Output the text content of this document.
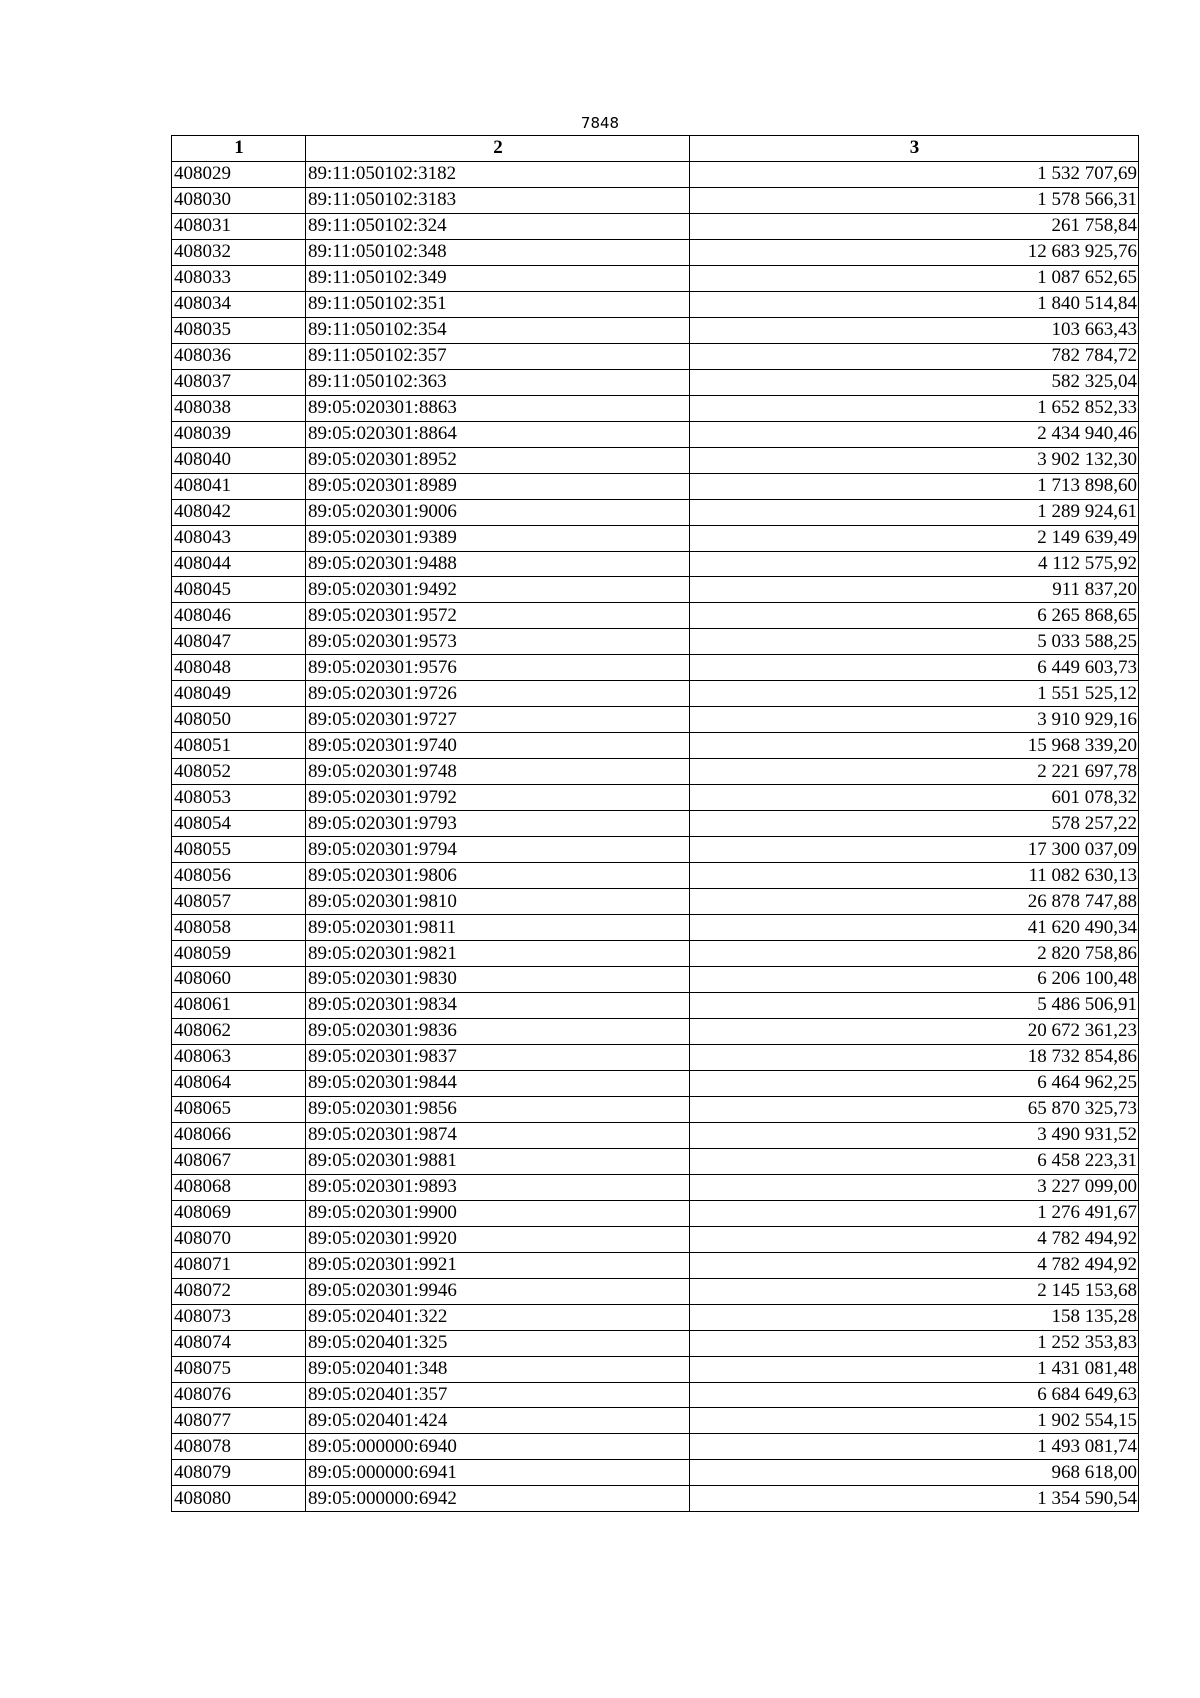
7848
1	2	3
408029	89:11:050102:3182	1 532 707,69
408030	89:11:050102:3183	1 578 566,31
408031	89:11:050102:324	261 758,84
408032	89:11:050102:348	12 683 925,76
408033	89:11:050102:349	1 087 652,65
408034	89:11:050102:351	1 840 514,84
408035	89:11:050102:354	103 663,43
408036	89:11:050102:357	782 784,72
408037	89:11:050102:363	582 325,04
408038	89:05:020301:8863	1 652 852,33
408039	89:05:020301:8864	2 434 940,46
408040	89:05:020301:8952	3 902 132,30
408041	89:05:020301:8989	1 713 898,60
408042	89:05:020301:9006	1 289 924,61
408043	89:05:020301:9389	2 149 639,49
408044	89:05:020301:9488	4 112 575,92
408045	89:05:020301:9492	911 837,20
408046	89:05:020301:9572	6 265 868,65
408047	89:05:020301:9573	5 033 588,25
408048	89:05:020301:9576	6 449 603,73
408049	89:05:020301:9726	1 551 525,12
408050	89:05:020301:9727	3 910 929,16
408051	89:05:020301:9740	15 968 339,20
408052	89:05:020301:9748	2 221 697,78
408053	89:05:020301:9792	601 078,32
408054	89:05:020301:9793	578 257,22
408055	89:05:020301:9794	17 300 037,09
408056	89:05:020301:9806	11 082 630,13
408057	89:05:020301:9810	26 878 747,88
408058	89:05:020301:9811	41 620 490,34
408059	89:05:020301:9821	2 820 758,86
408060	89:05:020301:9830	6 206 100,48
408061	89:05:020301:9834	5 486 506,91
408062	89:05:020301:9836	20 672 361,23
408063	89:05:020301:9837	18 732 854,86
408064	89:05:020301:9844	6 464 962,25
408065	89:05:020301:9856	65 870 325,73
408066	89:05:020301:9874	3 490 931,52
408067	89:05:020301:9881	6 458 223,31
408068	89:05:020301:9893	3 227 099,00
408069	89:05:020301:9900	1 276 491,67
408070	89:05:020301:9920	4 782 494,92
408071	89:05:020301:9921	4 782 494,92
408072	89:05:020301:9946	2 145 153,68
408073	89:05:020401:322	158 135,28
408074	89:05:020401:325	1 252 353,83
408075	89:05:020401:348	1 431 081,48
408076	89:05:020401:357	6 684 649,63
408077	89:05:020401:424	1 902 554,15
408078	89:05:000000:6940	1 493 081,74
408079	89:05:000000:6941	968 618,00
408080	89:05:000000:6942	1 354 590,54
